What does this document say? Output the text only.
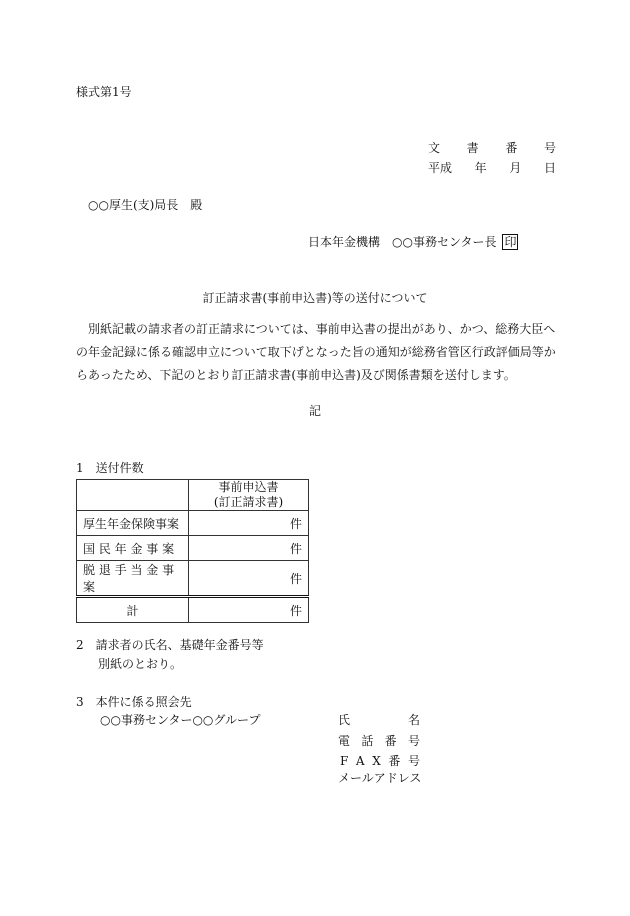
様式第1号
文 書 番 号
平成 年 月 日
○○厚生(支)局長　殿
日本年金機構　○○事務センター長 印
訂正請求書(事前申込書)等の送付について
　別紙記載の請求者の訂正請求については、事前申込書の提出があり、かつ、総務大臣へ
の年金記録に係る確認申立について取下げとなった旨の通知が総務省管区行政評価局等か
らあったため、下記のとおり訂正請求書(事前申込書)及び関係書類を送付します。
記
1　送付件数

	事前申込書
(訂正請求書)

厚生年金保険事案	件
国 民 年 金 事 案	件
脱 退 手 当 金 事 案	件
計	件
2　請求者の氏名、基礎年金番号等
別紙のとおり。
3　本件に係る照会先
○○事務センター○○グループ	氏	名
電 話 番 号
F A X 番 号
メールアドレス
